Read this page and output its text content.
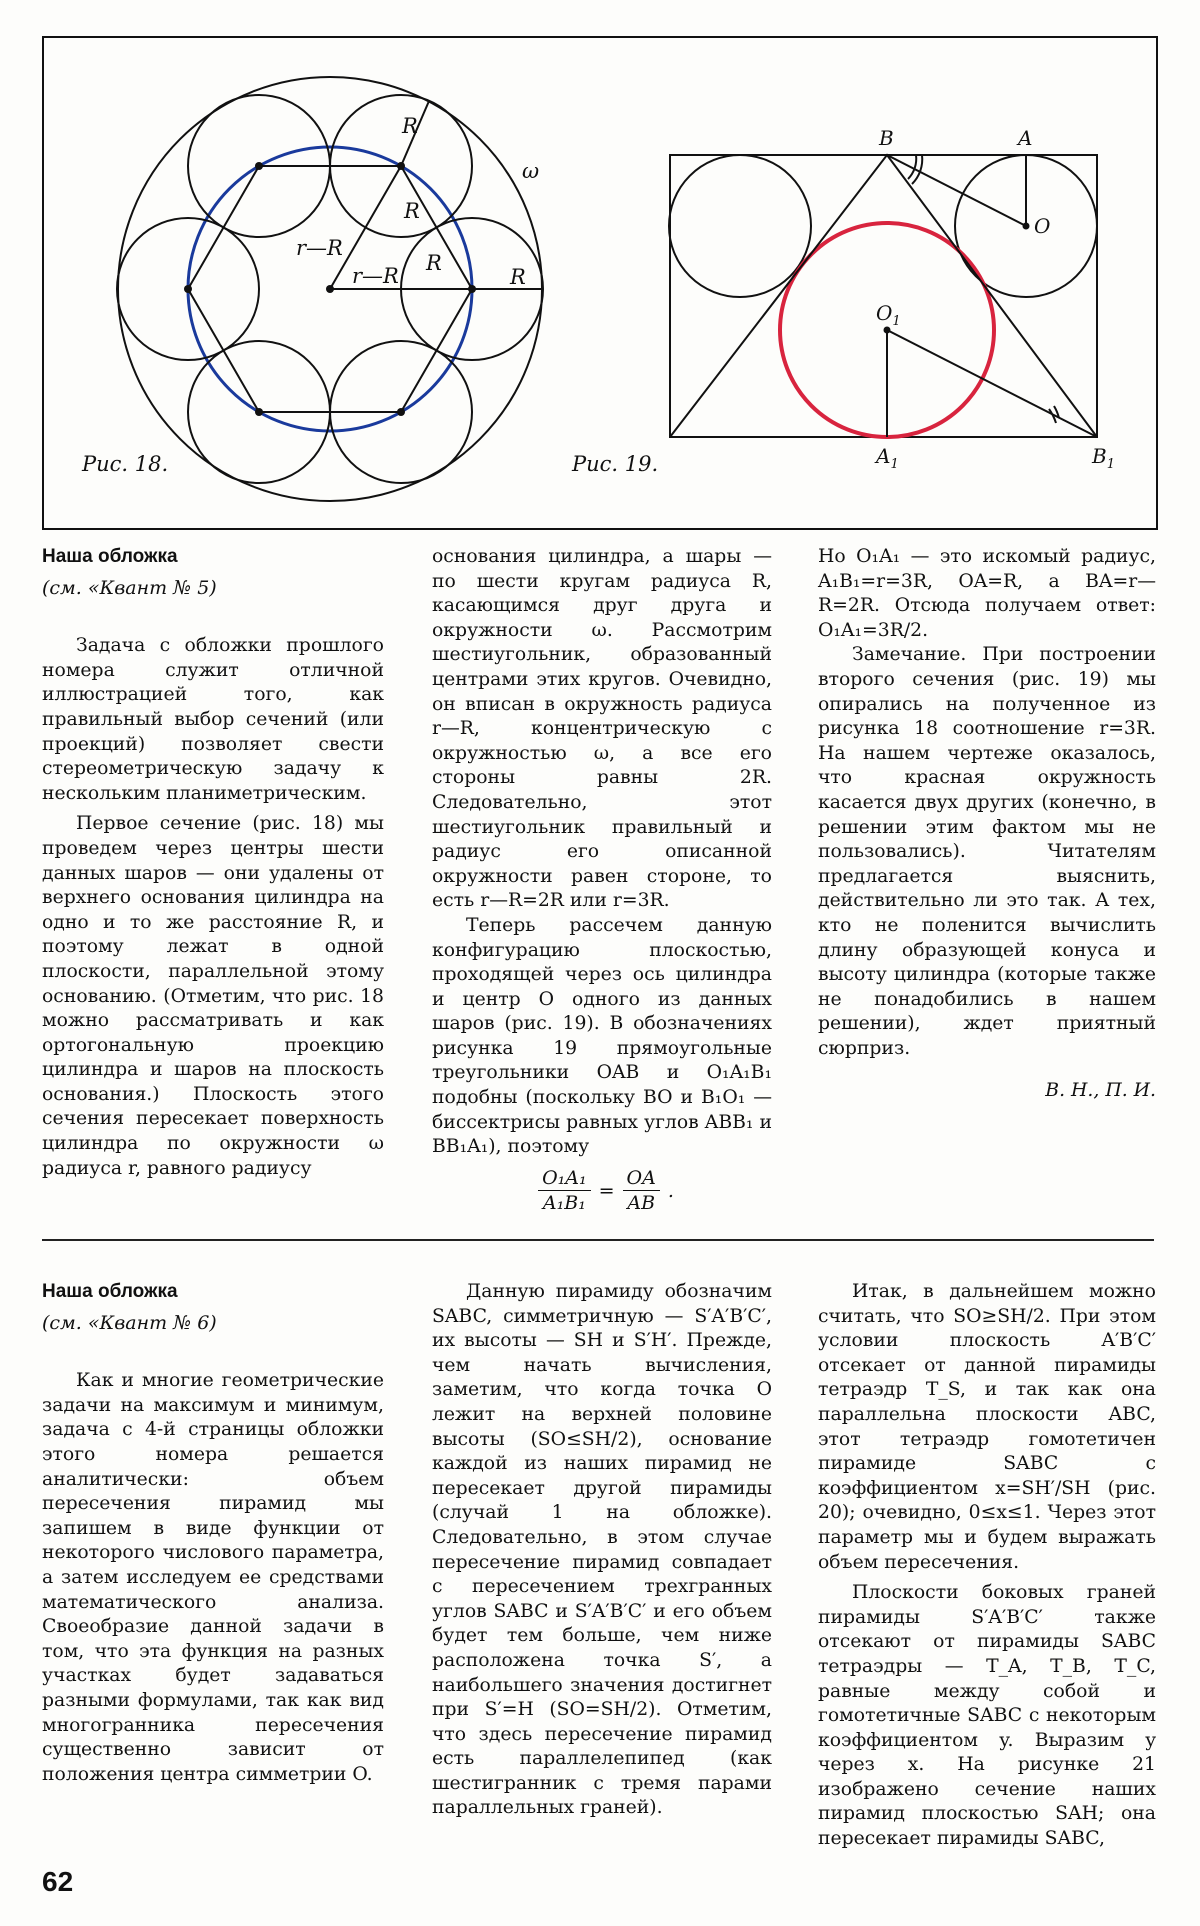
R
R
R
R
r—R
r—R
ω
B	A
O
$O_1$
$A_1$	$B_1$
Рис. 18.	Рис. 19.
Наша обложка
(см. «Квант № 5)

Задача с обложки прошлого номера служит отличной иллюстрацией того, как правильный выбор сечений (или проекций) позволяет свести стереометрическую задачу к нескольким планиметрическим.

Первое сечение (рис. 18) мы проведем через центры шести данных шаров — они удалены от верхнего основания цилиндра на одно и то же расстояние R, и поэтому лежат в одной плоскости, параллельной этому основанию. (Отметим, что рис. 18 можно рассматривать и как ортогональную проекцию цилиндра и шаров на плоскость основания.) Плоскость этого сечения пересекает поверхность цилиндра по окружности ω радиуса r, равного радиусу

основания цилиндра, а шары — по шести кругам радиуса R, касающимся друг друга и окружности ω. Рассмотрим шестиугольник, образованный центрами этих кругов. Очевидно, он вписан в окружность радиуса r—R, концентрическую с окружностью ω, а все его стороны равны 2R. Следовательно, этот шестиугольник правильный и радиус его описанной окружности равен стороне, то есть r—R=2R или r=3R.

Теперь рассечем данную конфигурацию плоскостью, проходящей через ось цилиндра и центр O одного из данных шаров (рис. 19). В обозначениях рисунка 19 прямоугольные треугольники OAB и O₁A₁B₁ подобны (поскольку BO и B₁O₁ — биссектрисы равных углов ABB₁ и BB₁A₁), поэтому

$\frac{\text{O₁A₁}}{\text{A₁B₁}} = \frac{OA}{AB}$ .

Но O₁A₁ — это искомый радиус, A₁B₁=r=3R, OA=R, а BA=r—R=2R. Отсюда получаем ответ: O₁A₁=3R/2.

Замечание. При построении второго сечения (рис. 19) мы опирались на полученное из рисунка 18 соотношение r=3R. На нашем чертеже оказалось, что красная окружность касается двух других (конечно, в решении этим фактом мы не пользовались). Читателям предлагается выяснить, действительно ли это так. А тех, кто не поленится вычислить длину образующей конуса и высоту цилиндра (которые также не понадобились в нашем решении), ждет приятный сюрприз.

В. Н., П. И.

Наша обложка
(см. «Квант № 6)

Как и многие геометрические задачи на максимум и минимум, задача с 4-й страницы обложки этого номера решается аналитически: объем пересечения пирамид мы запишем в виде функции от некоторого числового параметра, а затем исследуем ее средствами математического анализа. Своеобразие данной задачи в том, что эта функция на разных участках будет задаваться разными формулами, так как вид многогранника пересечения существенно зависит от положения центра симметрии O.

Данную пирамиду обозначим SABC, симметричную — S′A′B′C′, их высоты — SH и S′H′. Прежде, чем начать вычисления, заметим, что когда точка O лежит на верхней половине высоты (SO≤SH/2), основание каждой из наших пирамид не пересекает другой пирамиды (случай 1 на обложке). Следовательно, в этом случае пересечение пирамид совпадает с пересечением трехгранных углов SABC и S′A′B′C′ и его объем будет тем больше, чем ниже расположена точка S′, а наибольшего значения достигнет при S′=H (SO=SH/2). Отметим, что здесь пересечение пирамид есть параллелепипед (как шестигранник с тремя парами параллельных граней).

Итак, в дальнейшем можно считать, что SO≥SH/2. При этом условии плоскость A′B′C′ отсекает от данной пирамиды тетраэдр T_S, и так как она параллельна плоскости ABC, этот тетраэдр гомотетичен пирамиде SABC с коэффициентом x=SH′/SH (рис. 20); очевидно, 0≤x≤1. Через этот параметр мы и будем выражать объем пересечения.

Плоскости боковых граней пирамиды S′A′B′C′ также отсекают от пирамиды SABC тетраэдры — T_A, T_B, T_C, равные между собой и гомотетичные SABC с некоторым коэффициентом y. Выразим y через x. На рисунке 21 изображено сечение наших пирамид плоскостью SAH; она пересекает пирамиды SABC,

62
